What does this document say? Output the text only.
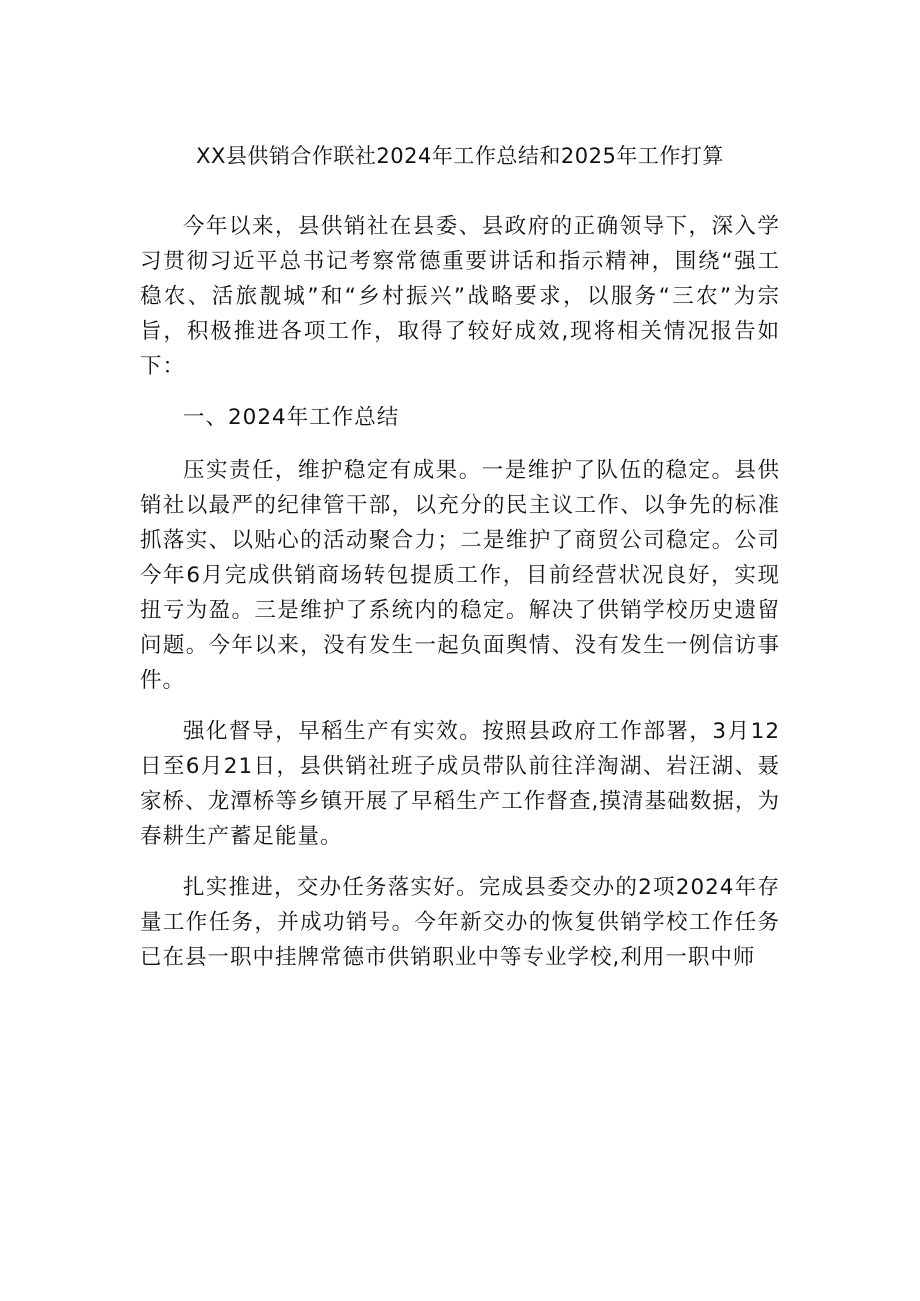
XX县供销合作联社2024年工作总结和2025年工作打算

今年以来，县供销社在县委、县政府的正确领导下，深入学习贯彻习近平总书记考察常德重要讲话和指示精神，围绕“强工稳农、活旅靓城”和“乡村振兴”战略要求，以服务“三农”为宗旨，积极推进各项工作，取得了较好成效,现将相关情况报告如下：

一、2024年工作总结

压实责任，维护稳定有成果。一是维护了队伍的稳定。县供销社以最严的纪律管干部，以充分的民主议工作、以争先的标准抓落实、以贴心的活动聚合力；二是维护了商贸公司稳定。公司今年6月完成供销商场转包提质工作，目前经营状况良好，实现扭亏为盈。三是维护了系统内的稳定。解决了供销学校历史遗留问题。今年以来，没有发生一起负面舆情、没有发生一例信访事件。

强化督导，早稻生产有实效。按照县政府工作部署，3月12日至6月21日，县供销社班子成员带队前往洋淘湖、岩汪湖、聂家桥、龙潭桥等乡镇开展了早稻生产工作督查,摸清基础数据，为春耕生产蓄足能量。

扎实推进，交办任务落实好。完成县委交办的2项2024年存量工作任务，并成功销号。今年新交办的恢复供销学校工作任务已在县一职中挂牌常德市供销职业中等专业学校,利用一职中师
